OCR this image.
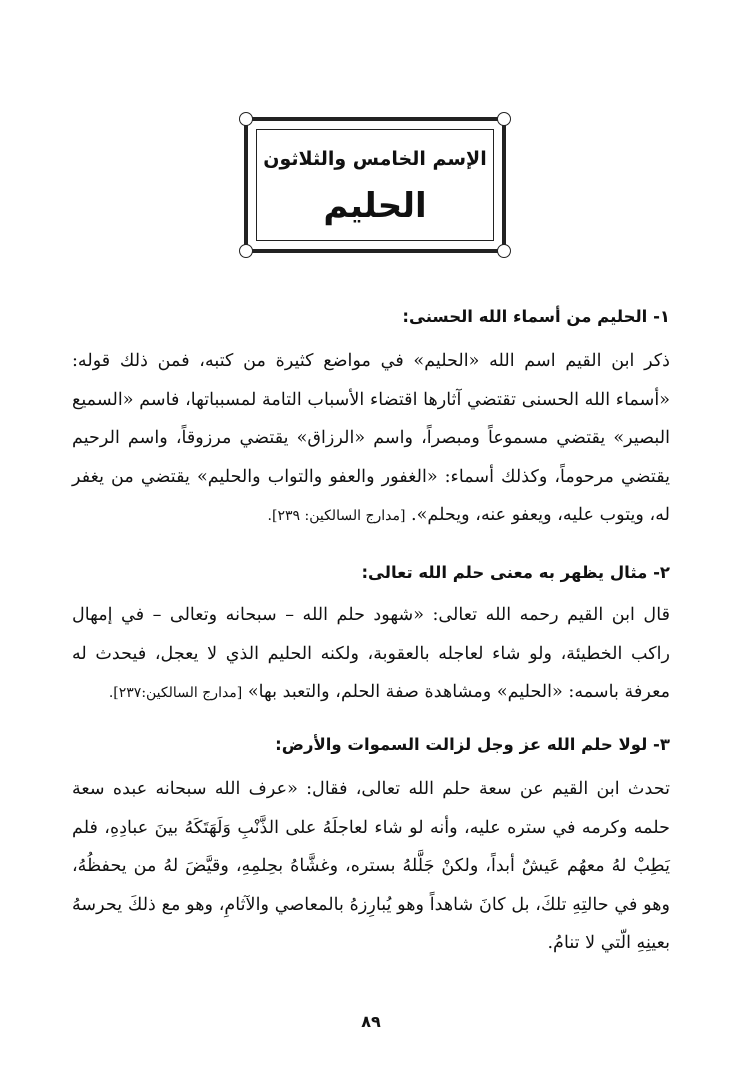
الإسم الخامس والثلاثون
الحليم
١- الحليم من أسماء الله الحسنى:
ذكر ابن القيم اسم الله «الحليم» في مواضع كثيرة من كتبه، فمن ذلك قوله: «أسماء الله الحسنى تقتضي آثارها اقتضاء الأسباب التامة لمسبباتها، فاسم «السميع البصير» يقتضي مسموعاً ومبصراً، واسم «الرزاق» يقتضي مرزوقاً، واسم الرحيم يقتضي مرحوماً، وكذلك أسماء: «الغفور والعفو والتواب والحليم» يقتضي من يغفر له، ويتوب عليه، ويعفو عنه، ويحلم». [مدارج السالكين: ٢٣٩].
٢- مثال يظهر به معنى حلم الله تعالى:
قال ابن القيم رحمه الله تعالى: «شهود حلم الله – سبحانه وتعالى – في إمهال راكب الخطيئة، ولو شاء لعاجله بالعقوبة، ولكنه الحليم الذي لا يعجل، فيحدث له معرفة باسمه: «الحليم» ومشاهدة صفة الحلم، والتعبد بها» [مدارج السالكين:٢٣٧].
٣- لولا حلم الله عز وجل لزالت السموات والأرض:
تحدث ابن القيم عن سعة حلم الله تعالى، فقال: «عرف الله سبحانه عبده سعة حلمه وكرمه في ستره عليه، وأنه لو شاء لعاجلَهُ على الذَّنْبِ وَلَهَتَكَهُ بينَ عبادِهِ، فلم يَطِبْ لهُ معهُم عَيشٌ أبداً، ولكنْ جَلَّلهُ بستره، وغشَّاهُ بحِلمِهِ، وقيَّضَ لهُ من يحفظُهُ، وهو في حالتِهِ تلكَ، بل كانَ شاهداً وهو يُبارِزهُ بالمعاصي والآثامِ، وهو مع ذلكَ يحرسهُ بعينِهِ الّتي لا تنامُ.
٨٩
